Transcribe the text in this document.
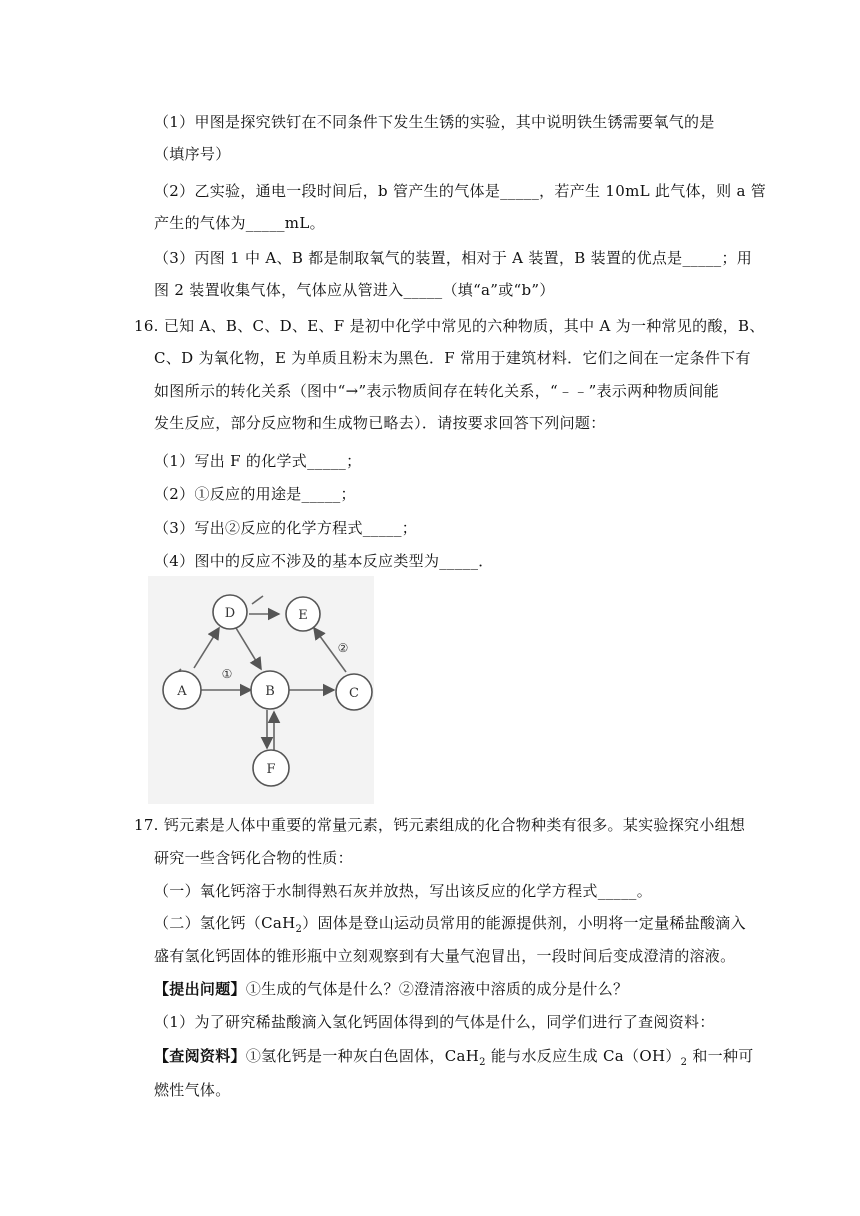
（1）甲图是探究铁钉在不同条件下发生生锈的实验，其中说明铁生锈需要氧气的是
（填序号）
（2）乙实验，通电一段时间后，b 管产生的气体是_____，若产生 10mL 此气体，则 a 管
产生的气体为_____mL。
（3）丙图 1 中 A、B 都是制取氧气的装置，相对于 A 装置，B 装置的优点是_____；用
图 2 装置收集气体，气体应从管进入_____（填“a”或“b”）
16. 已知 A、B、C、D、E、F 是初中化学中常见的六种物质，其中 A 为一种常见的酸，B、
C、D 为氧化物，E 为单质且粉末为黑色．F 常用于建筑材料．它们之间在一定条件下有
如图所示的转化关系（图中“→”表示物质间存在转化关系，“﹣﹣”表示两种物质间能
发生反应，部分反应物和生成物已略去）．请按要求回答下列问题：
（1）写出 F 的化学式_____；
（2）①反应的用途是_____；
（3）写出②反应的化学方程式_____；
（4）图中的反应不涉及的基本反应类型为_____．
D	E
A	B	C
F
①
②
17. 钙元素是人体中重要的常量元素，钙元素组成的化合物种类有很多。某实验探究小组想
研究一些含钙化合物的性质：
（一）氧化钙溶于水制得熟石灰并放热，写出该反应的化学方程式_____。
（二）氢化钙（CaH$_2$）固体是登山运动员常用的能源提供剂，小明将一定量稀盐酸滴入
盛有氢化钙固体的锥形瓶中立刻观察到有大量气泡冒出，一段时间后变成澄清的溶液。
【提出问题】①生成的气体是什么？②澄清溶液中溶质的成分是什么？
（1）为了研究稀盐酸滴入氢化钙固体得到的气体是什么，同学们进行了查阅资料：
【查阅资料】①氢化钙是一种灰白色固体，CaH$_2$ 能与水反应生成 $Ca(OH)_2$ 和一种可
燃性气体。
